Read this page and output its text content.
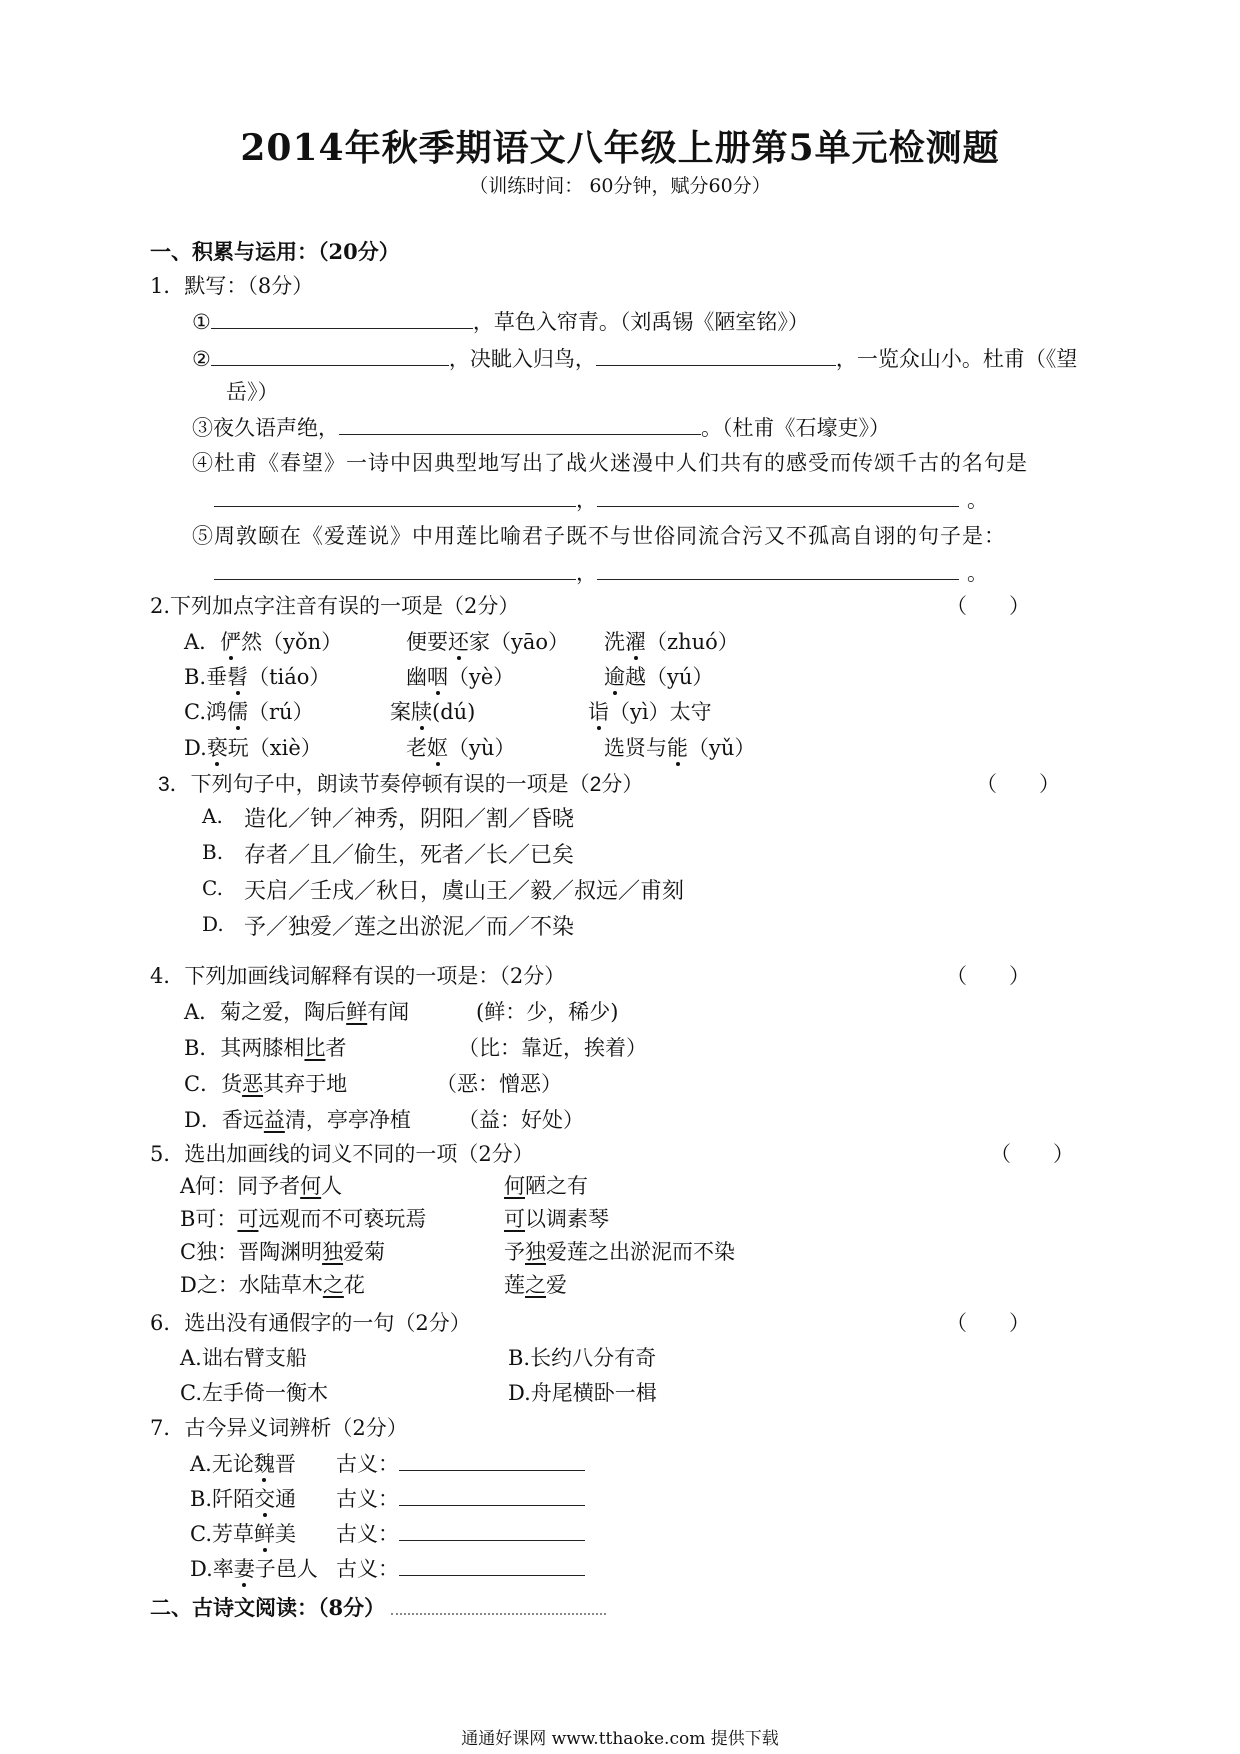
2014年秋季期语文八年级上册第5单元检测题
（训练时间： 60分钟，赋分60分）
一、积累与运用：（20分）
1．默写：（8分）
①	，草色入帘青。（刘禹锡《陋室铭》）
②	，决眦入归鸟，	，一览众山小。杜甫（《望
岳》）
③夜久语声绝，	。（杜甫《石壕吏》）
④杜甫《春望》一诗中因典型地写出了战火迷漫中人们共有的感受而传颂千古的名句是
，	。
⑤周敦颐在《爱莲说》中用莲比喻君子既不与世俗同流合污又不孤高自诩的句子是：
，	。
2.下列加点字注音有误的一项是（2分）	（　　）
A．俨然（yǒn）	便要还家（yāo） 洗濯（zhuó）
B.垂髫（tiáo）	幽咽（yè）	逾越（yú）
C.鸿儒（rú）	案牍(dú)	诣（yì）太守
D.亵玩（xiè）	老妪（yù）	选贤与能（yǔ）
3．下列句子中，朗读节奏停顿有误的一项是（2分）	（　　）
A. 造化／钟／神秀，阴阳／割／昏晓
B. 存者／且／偷生，死者／长／已矣
C. 天启／壬戌／秋日，虞山王／毅／叔远／甫刻
D. 予／独爱／莲之出淤泥／而／不染
4．下列加画线词解释有误的一项是：（2分）	（　　）
A．菊之爱，陶后鲜有闻	(鲜：少，稀少)
B．其两膝相比者	（比：靠近，挨着）
C．货恶其弃于地	（恶：憎恶）
D．香远益清，亭亭净植 （益：好处）
5．选出加画线的词义不同的一项（2分）	（　　）
A何：同予者何人	何陋之有
B可：可远观而不可亵玩焉	可以调素琴
C独：晋陶渊明独爱菊	予独爱莲之出淤泥而不染
D之：水陆草木之花	莲之爱
6．选出没有通假字的一句（2分）	（　　）
A.诎右臂支船	B.长约八分有奇
C.左手倚一衡木	D.舟尾横卧一楫
7．古今异义词辨析（2分）
A.无论魏晋 古义：
B.阡陌交通 古义：
C.芳草鲜美 古义：
D.率妻子邑人 古义：
二、古诗文阅读：（8分）
通通好课网 www.tthaoke.com 提供下载
